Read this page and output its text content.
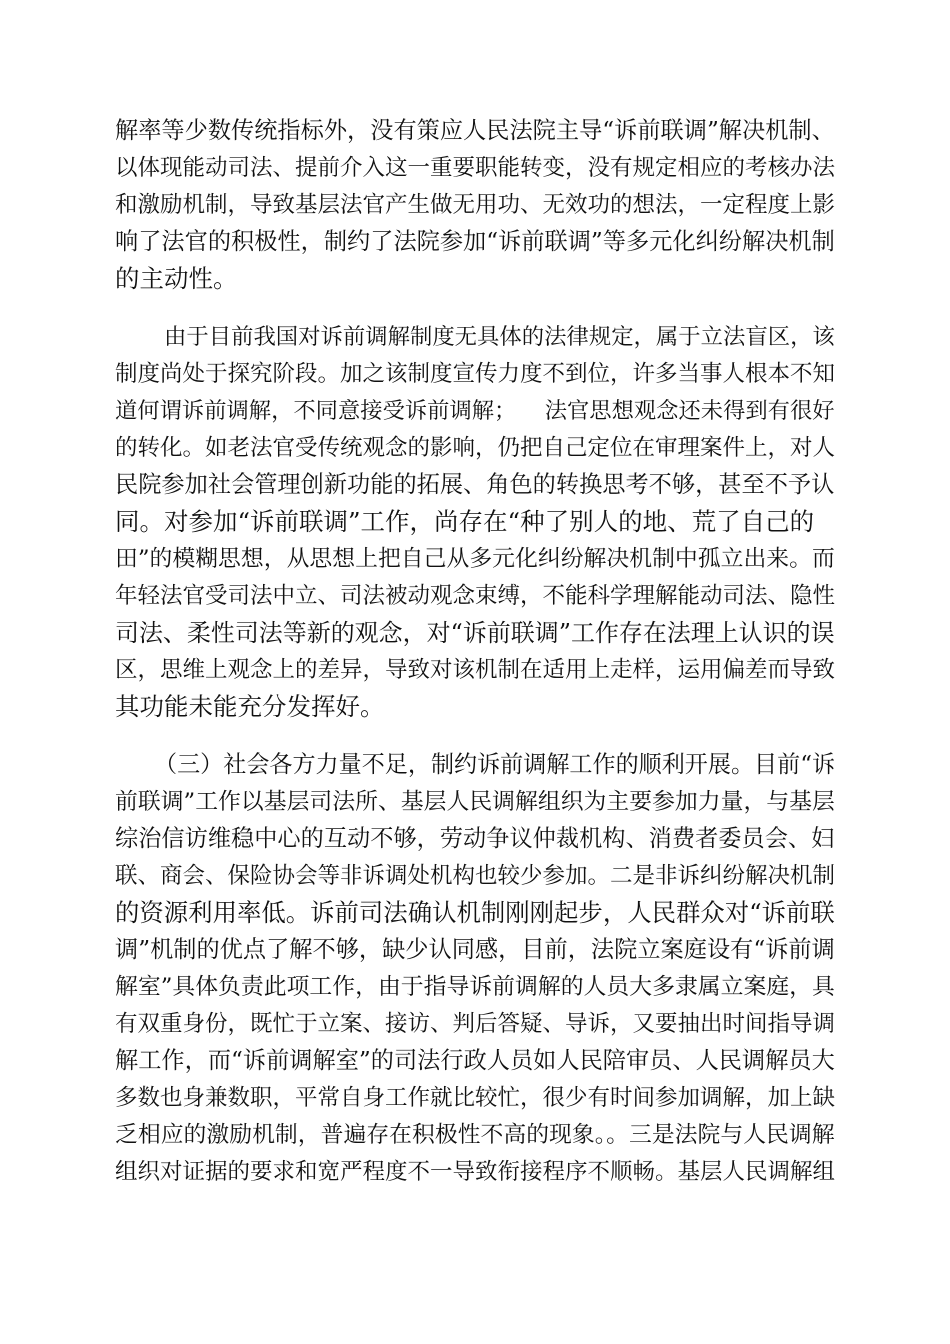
解率等少数传统指标外，没有策应人民法院主导“诉前联调”解决机制、
以体现能动司法、提前介入这一重要职能转变，没有规定相应的考核办法
和激励机制，导致基层法官产生做无用功、无效功的想法，一定程度上影
响了法官的积极性，制约了法院参加“诉前联调”等多元化纠纷解决机制
的主动性。
由于目前我国对诉前调解制度无具体的法律规定，属于立法盲区，该
制度尚处于探究阶段。加之该制度宣传力度不到位，许多当事人根本不知
道何谓诉前调解，不同意接受诉前调解；    法官思想观念还未得到有很好
的转化。如老法官受传统观念的影响，仍把自己定位在审理案件上，对人
民院参加社会管理创新功能的拓展、角色的转换思考不够，甚至不予认
同。对参加“诉前联调”工作，尚存在“种了别人的地、荒了自己的
田”的模糊思想，从思想上把自己从多元化纠纷解决机制中孤立出来。而
年轻法官受司法中立、司法被动观念束缚，不能科学理解能动司法、隐性
司法、柔性司法等新的观念，对“诉前联调”工作存在法理上认识的误
区，思维上观念上的差异，导致对该机制在适用上走样，运用偏差而导致
其功能未能充分发挥好。
（三）社会各方力量不足，制约诉前调解工作的顺利开展。目前“诉
前联调”工作以基层司法所、基层人民调解组织为主要参加力量，与基层
综治信访维稳中心的互动不够，劳动争议仲裁机构、消费者委员会、妇
联、商会、保险协会等非诉调处机构也较少参加。二是非诉纠纷解决机制
的资源利用率低。诉前司法确认机制刚刚起步，人民群众对“诉前联
调”机制的优点了解不够，缺少认同感，目前，法院立案庭设有“诉前调
解室”具体负责此项工作，由于指导诉前调解的人员大多隶属立案庭，具
有双重身份，既忙于立案、接访、判后答疑、导诉，又要抽出时间指导调
解工作，而“诉前调解室”的司法行政人员如人民陪审员、人民调解员大
多数也身兼数职，平常自身工作就比较忙，很少有时间参加调解，加上缺
乏相应的激励机制，普遍存在积极性不高的现象。。三是法院与人民调解
组织对证据的要求和宽严程度不一导致衔接程序不顺畅。基层人民调解组
